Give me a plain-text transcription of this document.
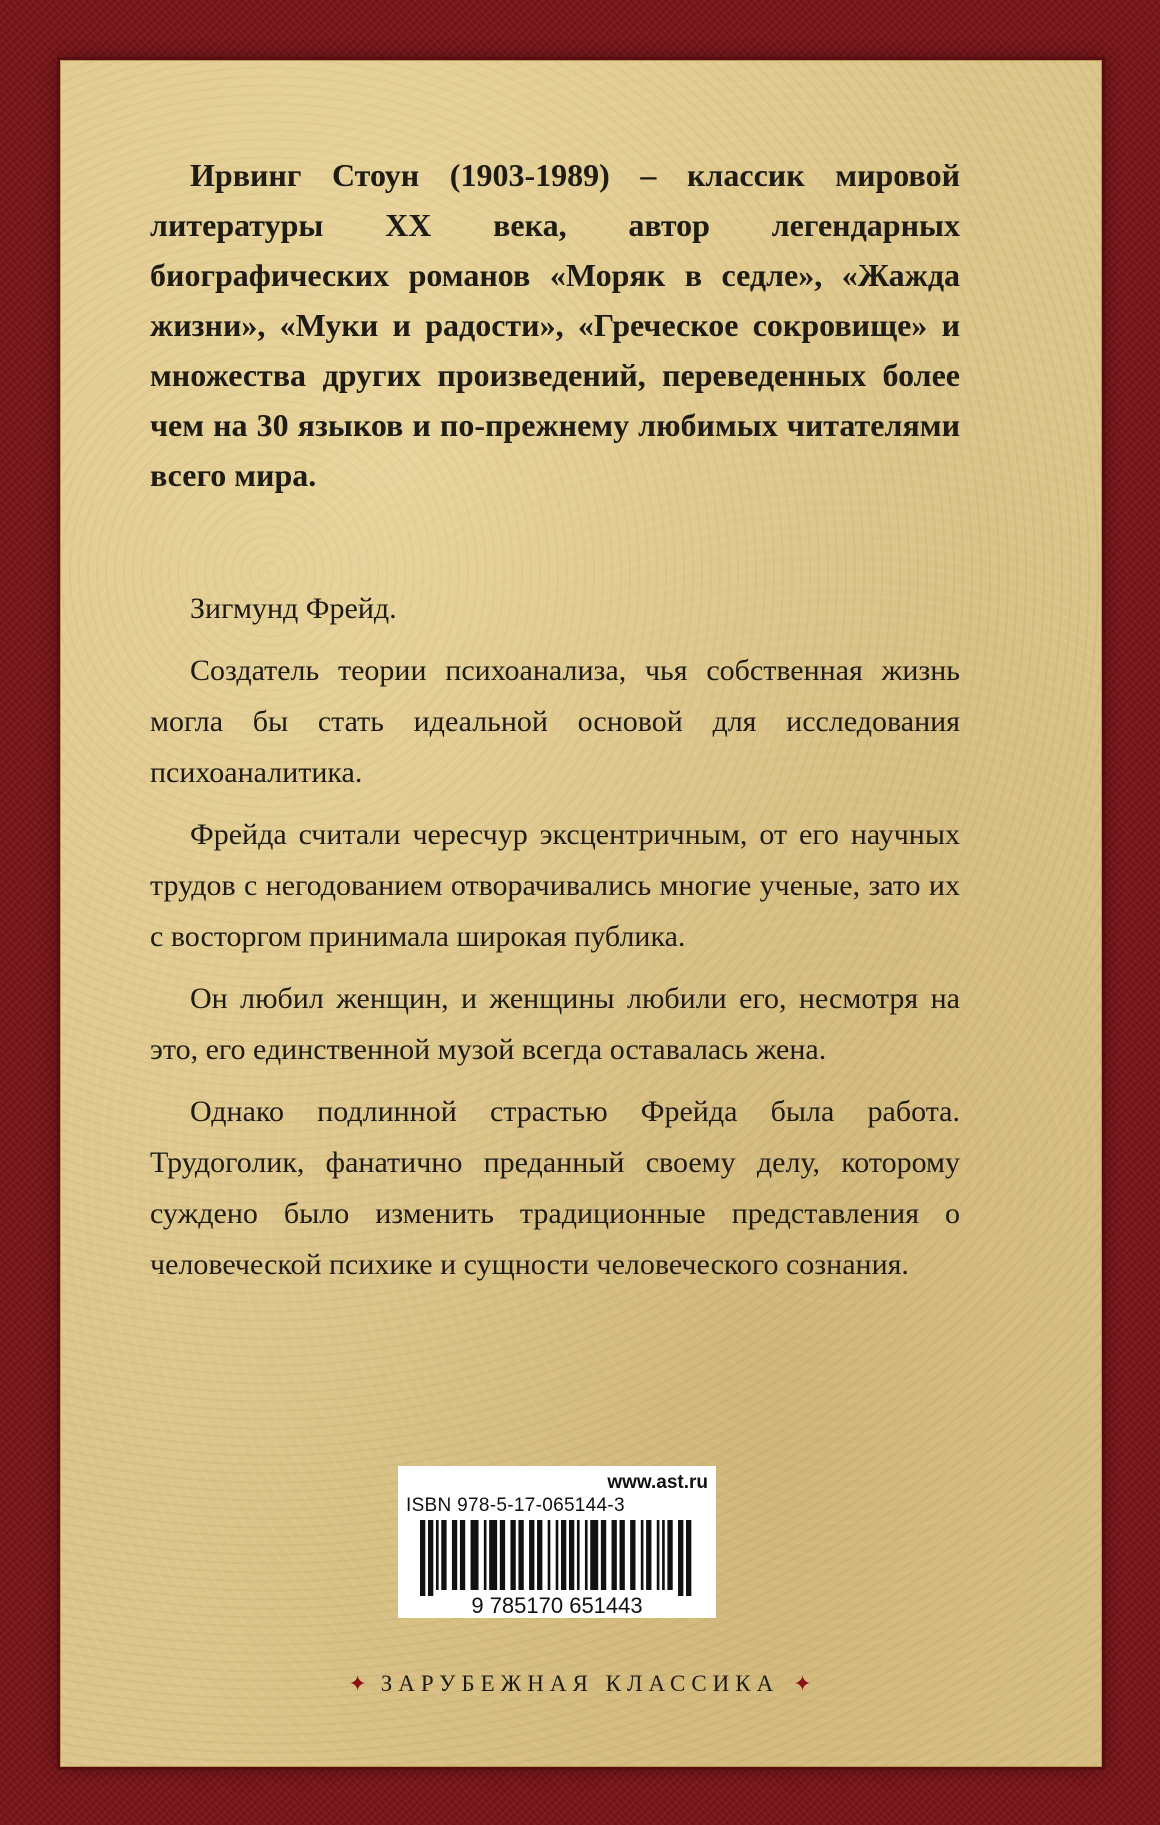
Ирвинг Стоун (1903-1989) – классик мировой литературы XX века, автор легендарных биографических романов «Моряк в седле», «Жажда жизни», «Муки и радости», «Греческое сокровище» и множества других произведений, переведенных более чем на 30 языков и по-прежнему любимых читателями всего мира.

Зигмунд Фрейд.

Создатель теории психоанализа, чья собственная жизнь могла бы стать идеальной основой для исследования психоаналитика.

Фрейда считали чересчур эксцентричным, от его научных трудов с негодованием отворачивались многие ученые, зато их с восторгом принимала широкая публика.

Он любил женщин, и женщины любили его, несмотря на это, его единственной музой всегда оставалась жена.

Однако подлинной страстью Фрейда была работа. Трудоголик, фанатично преданный своему делу, которому суждено было изменить традиционные представления о человеческой психике и сущности человеческого сознания.

www.ast.ru
ISBN 978-5-17-065144-3
9 785170 651443
✦ ЗАРУБЕЖНАЯ КЛАССИКА ✦
